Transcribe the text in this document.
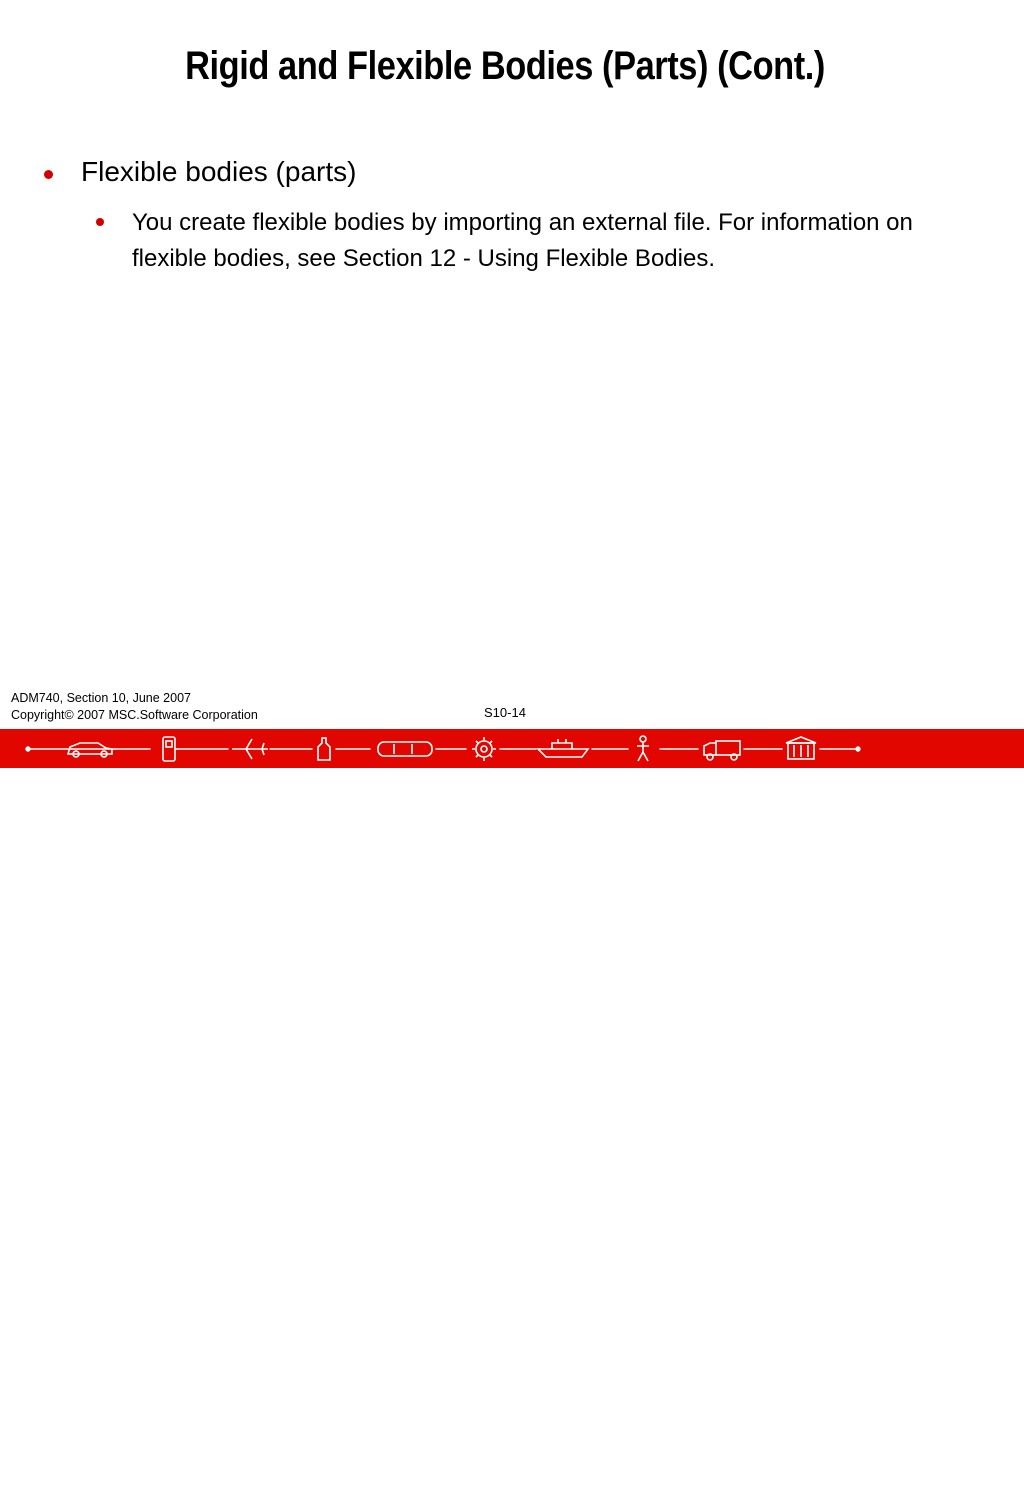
Rigid and Flexible Bodies (Parts) (Cont.)
Flexible bodies (parts)
You create flexible bodies by importing an external file. For information on flexible bodies, see Section 12 - Using Flexible Bodies.
ADM740, Section 10, June 2007
Copyright© 2007 MSC.Software Corporation	S10-14
MSC✕Software®
